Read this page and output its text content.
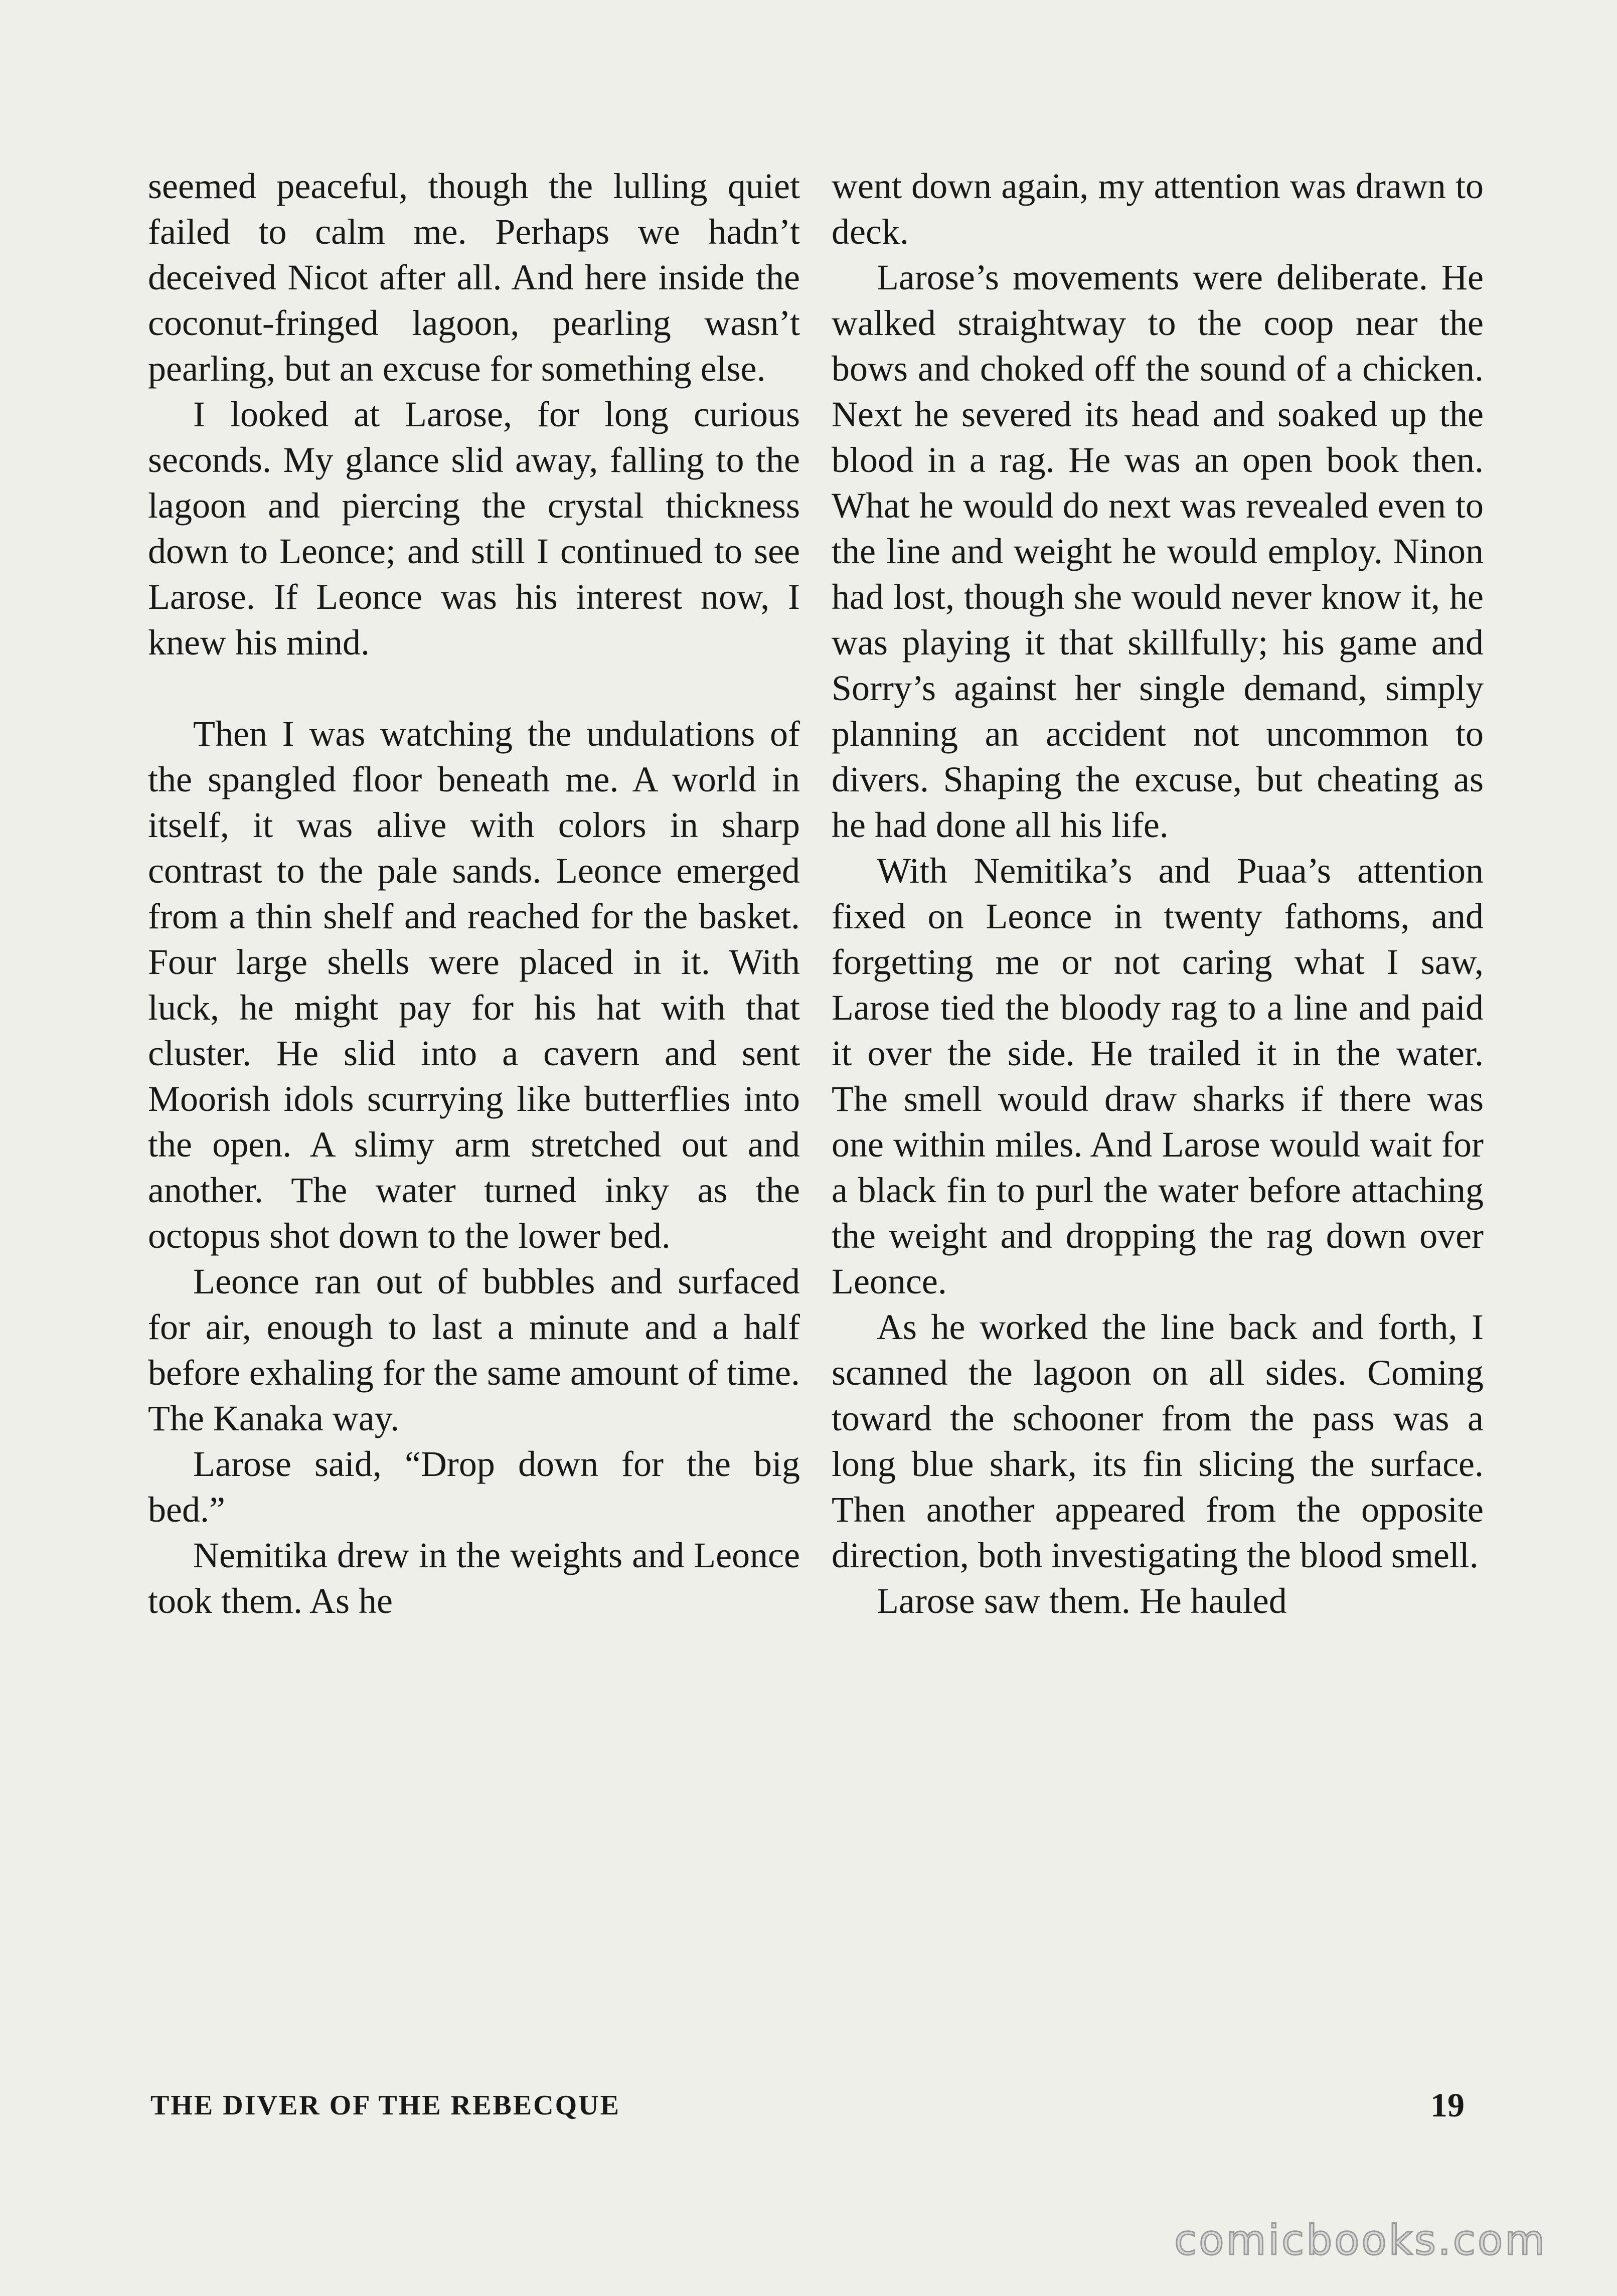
seemed peaceful, though the lulling quiet failed to calm me. Perhaps we hadn’t deceived Nicot after all. And here inside the coconut-fringed lagoon, pearling wasn’t pearling, but an excuse for something else.

I looked at Larose, for long curious seconds. My glance slid away, falling to the lagoon and piercing the crystal thickness down to Leonce; and still I continued to see Larose. If Leonce was his interest now, I knew his mind.

Then I was watching the undulations of the spangled floor beneath me. A world in itself, it was alive with colors in sharp contrast to the pale sands. Leonce emerged from a thin shelf and reached for the basket. Four large shells were placed in it. With luck, he might pay for his hat with that cluster. He slid into a cavern and sent Moorish idols scurrying like butterflies into the open. A slimy arm stretched out and another. The water turned inky as the octopus shot down to the lower bed.

Leonce ran out of bubbles and surfaced for air, enough to last a minute and a half before exhaling for the same amount of time. The Kanaka way.

Larose said, “Drop down for the big bed.”

Nemitika drew in the weights and Leonce took them. As he

went down again, my attention was drawn to deck.

Larose’s movements were deliberate. He walked straightway to the coop near the bows and choked off the sound of a chicken. Next he severed its head and soaked up the blood in a rag. He was an open book then. What he would do next was revealed even to the line and weight he would employ. Ninon had lost, though she would never know it, he was playing it that skillfully; his game and Sorry’s against her single demand, simply planning an accident not uncommon to divers. Shaping the excuse, but cheating as he had done all his life.

With Nemitika’s and Puaa’s attention fixed on Leonce in twenty fathoms, and forgetting me or not caring what I saw, Larose tied the bloody rag to a line and paid it over the side. He trailed it in the water. The smell would draw sharks if there was one within miles. And Larose would wait for a black fin to purl the water before attaching the weight and dropping the rag down over Leonce.

As he worked the line back and forth, I scanned the lagoon on all sides. Coming toward the schooner from the pass was a long blue shark, its fin slicing the surface. Then another appeared from the opposite direction, both investigating the blood smell.

Larose saw them. He hauled

THE DIVER OF THE REBECQUE	19
comicbooks.com
